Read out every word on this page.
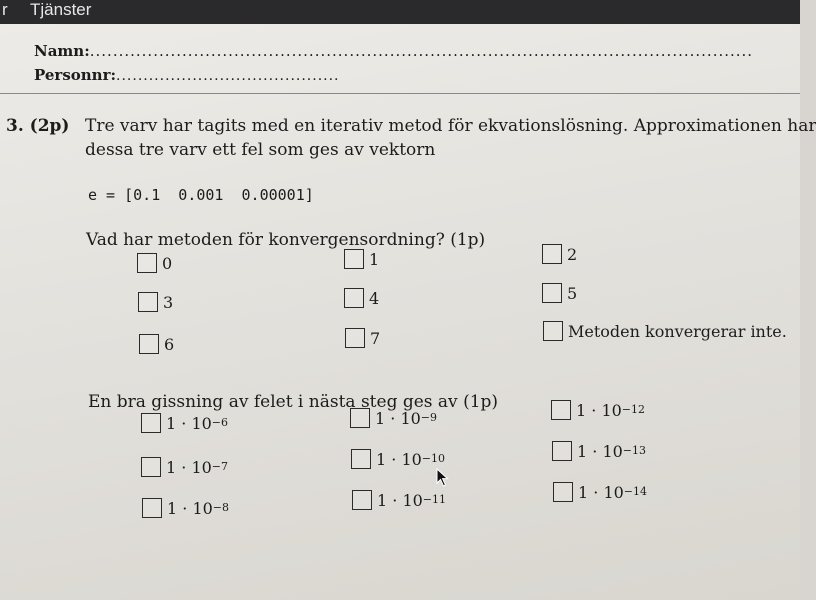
r Tjänster
Namn:...................................................................................................................
Personnr:.........................................
3. (2p) Tre varv har tagits med en iterativ metod för ekvationslösning. Approximationen har
dessa tre varv ett fel som ges av vektorn
e = [0.1  0.001  0.00001]
Vad har metoden för konvergensordning? (1p)
0	1	2
3	4	5
6	7	Metoden konvergerar inte.
En bra gissning av felet i nästa steg ges av (1p)
1 · 10 −6	1 · 10 −9	1 · 10 −12
1 · 10 −7	1 · 10 −10	1 · 10 −13
1 · 10 −8	1 · 10 −11	1 · 10 −14
